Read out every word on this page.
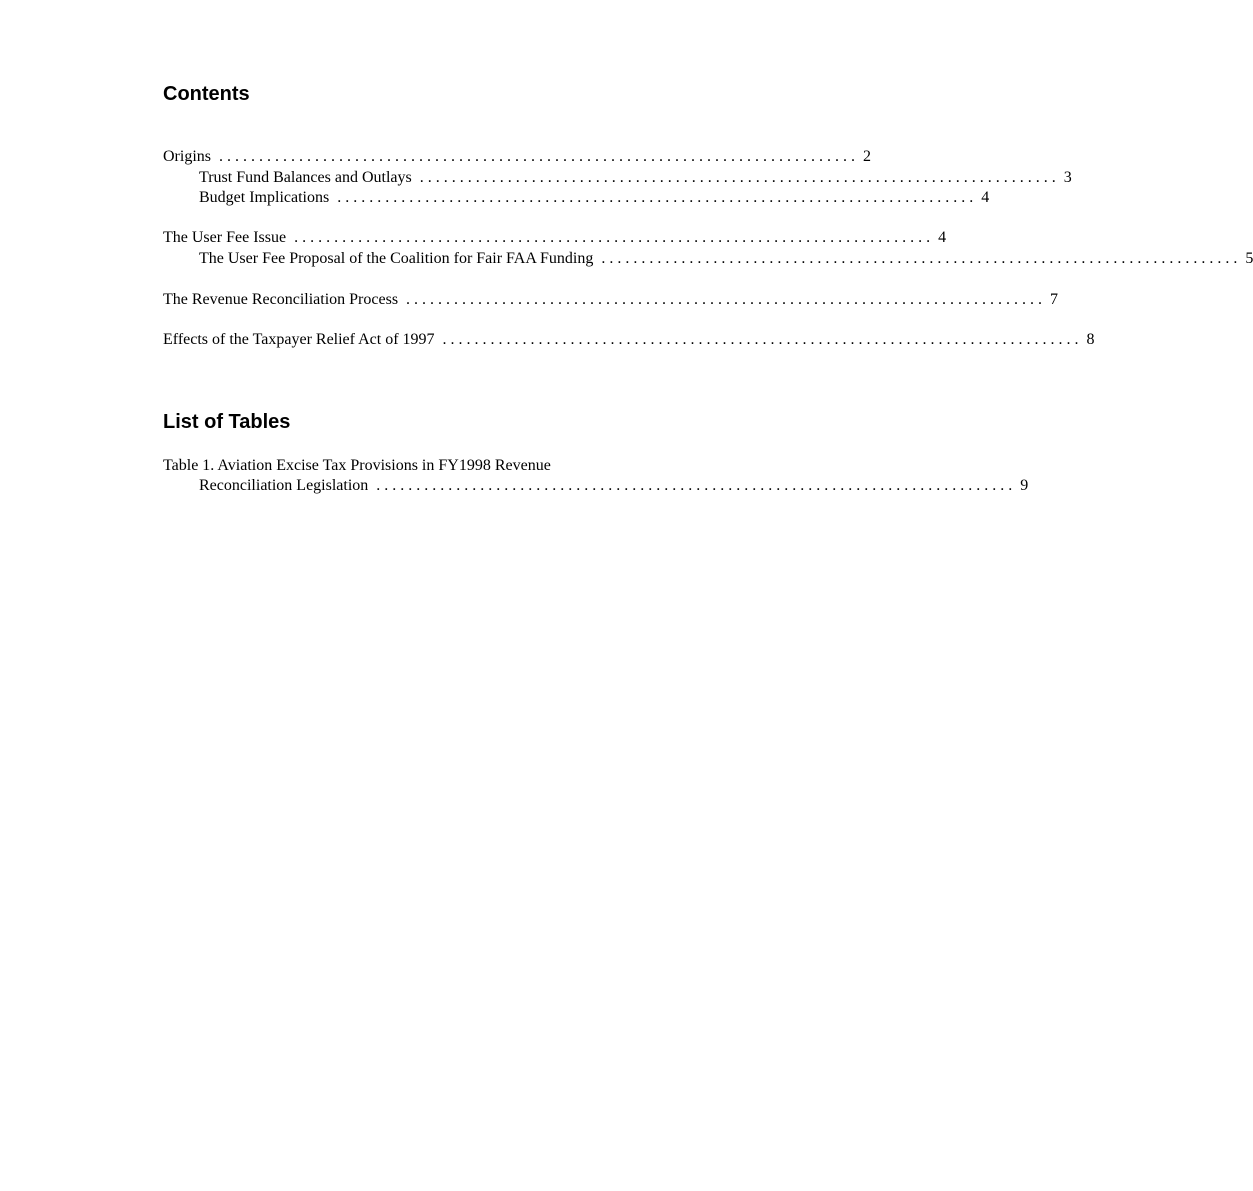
Contents
Origins . . . . . . . . . . . . . . . . . . . . . . . . . . . . . . . . . . . . . . . . . . . . . . . . . . . . . . . . . . . . . . . . . . . . . . . . . . . . . . . . 2
Trust Fund Balances and Outlays . . . . . . . . . . . . . . . . . . . . . . . . . . . . . . . . . . . . . . . . . . . . . . . . . . . . . . . . . . . . . . . . . . . . . . . . . . . . . . . . 3
Budget Implications . . . . . . . . . . . . . . . . . . . . . . . . . . . . . . . . . . . . . . . . . . . . . . . . . . . . . . . . . . . . . . . . . . . . . . . . . . . . . . . . 4
The User Fee Issue . . . . . . . . . . . . . . . . . . . . . . . . . . . . . . . . . . . . . . . . . . . . . . . . . . . . . . . . . . . . . . . . . . . . . . . . . . . . . . . . 4
The User Fee Proposal of the Coalition for Fair FAA Funding . . . . . . . . . . . . . . . . . . . . . . . . . . . . . . . . . . . . . . . . . . . . . . . . . . . . . . . . . . . . . . . . . . . . . . . . . . . . . . . . 5
The Revenue Reconciliation Process . . . . . . . . . . . . . . . . . . . . . . . . . . . . . . . . . . . . . . . . . . . . . . . . . . . . . . . . . . . . . . . . . . . . . . . . . . . . . . . . 7
Effects of the Taxpayer Relief Act of 1997 . . . . . . . . . . . . . . . . . . . . . . . . . . . . . . . . . . . . . . . . . . . . . . . . . . . . . . . . . . . . . . . . . . . . . . . . . . . . . . . . 8
List of Tables
Table 1. Aviation Excise Tax Provisions in FY1998 Revenue
Reconciliation Legislation . . . . . . . . . . . . . . . . . . . . . . . . . . . . . . . . . . . . . . . . . . . . . . . . . . . . . . . . . . . . . . . . . . . . . . . . . . . . . . . . 9
